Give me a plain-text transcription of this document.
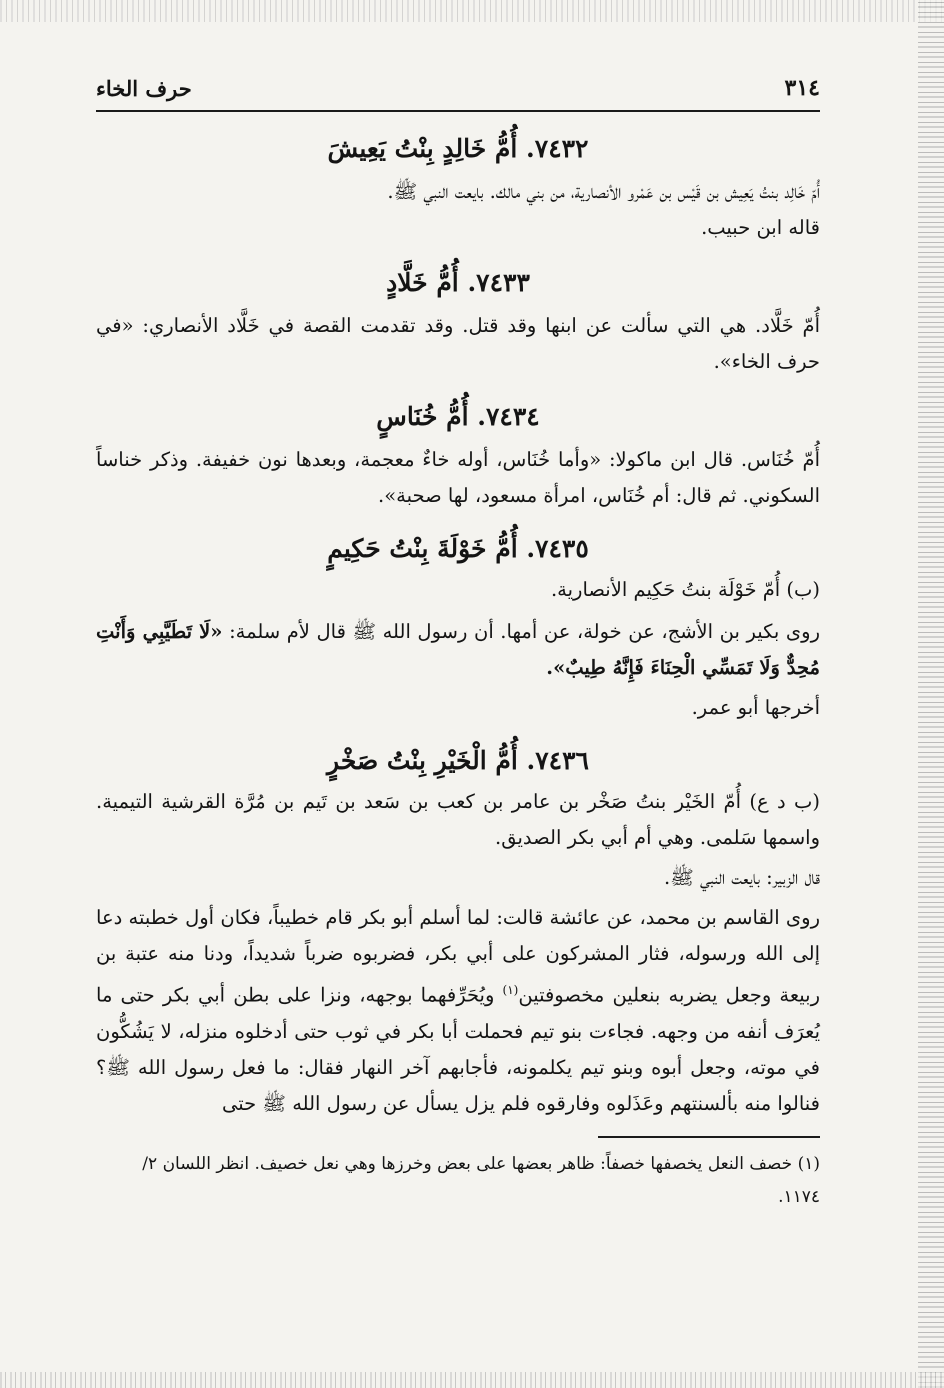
٣١٤
حرف الخاء
٧٤٣٢. أُمُّ خَالِدٍ بِنْتُ يَعِيشَ

أُمّ خَالِد بنتُ يَعِيش بن قَيْس بن عَمْرو الأنصارية، من بني مالك. بايعت النبي ﷺ.

قاله ابن حبيب.

٧٤٣٣. أُمُّ خَلَّادٍ

أُمّ خَلَّاد. هي التي سألت عن ابنها وقد قتل. وقد تقدمت القصة في خَلَّاد الأنصاري: «في حرف الخاء».

٧٤٣٤. أُمُّ خُنَاسٍ

أُمّ خُنَاس. قال ابن ماكولا: «وأما خُنَاس، أوله خاءٌ معجمة، وبعدها نون خفيفة. وذكر خناساً السكوني. ثم قال: أم خُنَاس، امرأة مسعود، لها صحبة».

٧٤٣٥. أُمُّ خَوْلَةَ بِنْتُ حَكِيمٍ

(ب) أُمّ خَوْلَة بنتُ حَكِيم الأنصارية.

روى بكير بن الأشج، عن خولة، عن أمها. أن رسول الله ﷺ قال لأم سلمة: «لَا تَطَيَّبِي وَأَنْتِ مُحِدٌّ وَلَا تَمَسِّي الْحِنَاءَ فَإِنَّهُ طِيبٌ».

أخرجها أبو عمر.

٧٤٣٦. أُمُّ الْخَيْرِ بِنْتُ صَخْرٍ

(ب د ع) أُمّ الخَيْر بنتُ صَخْر بن عامر بن كعب بن سَعد بن تَيم بن مُرَّة القرشية التيمية. واسمها سَلمى. وهي أم أبي بكر الصديق.

قال الزبير: بايعت النبي ﷺ.

روى القاسم بن محمد، عن عائشة قالت: لما أسلم أبو بكر قام خطيباً، فكان أول خطبته دعا إلى الله ورسوله، فثار المشركون على أبي بكر، فضربوه ضرباً شديداً، ودنا منه عتبة بن ربيعة وجعل يضربه بنعلين مخصوفتين$^{(١)}$ ويُحَرِّفهما بوجهه، ونزا على بطن أبي بكر حتى ما يُعرَف أنفه من وجهه. فجاءت بنو تيم فحملت أبا بكر في ثوب حتى أدخلوه منزله، لا يَشُكُّون في موته، وجعل أبوه وبنو تيم يكلمونه، فأجابهم آخر النهار فقال: ما فعل رسول الله ﷺ؟ فنالوا منه بألسنتهم وعَذَلوه وفارقوه فلم يزل يسأل عن رسول الله ﷺ حتى

(١) خصف النعل يخصفها خصفاً: ظاهر بعضها على بعض وخرزها وهي نعل خصيف. انظر اللسان ٢/ ١١٧٤.
